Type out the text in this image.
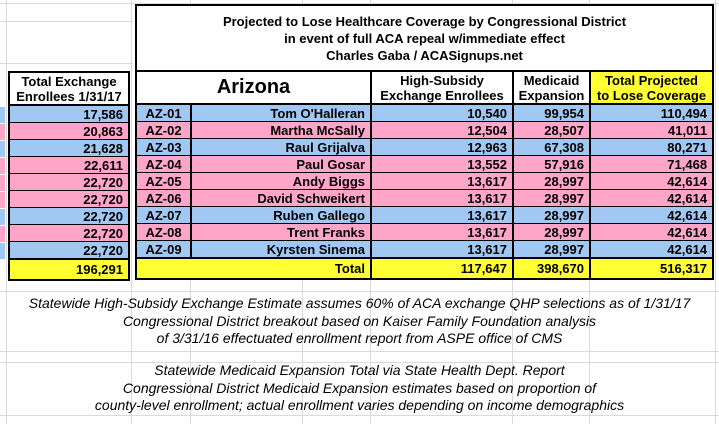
Total Exchange
Enrollees 1/31/17

17,586
20,863
21,628
22,611
22,720
22,720
22,720
22,720
22,720
196,291
Projected to Lose Healthcare Coverage by Congressional District
in event of full ACA repeal w/immediate effect
Charles Gaba / ACASignups.net				

Arizona	High-Subsidy
Exchange Enrollees

Medicaid
Expansion

Total Projected
to Lose Coverage

AZ-01	Tom O'Halleran	10,540	99,954	110,494
AZ-02	Martha McSally	12,504	28,507	41,011
AZ-03	Raul Grijalva	12,963	67,308	80,271
AZ-04	Paul Gosar	13,552	57,916	71,468
AZ-05	Andy Biggs	13,617	28,997	42,614
AZ-06	David Schweikert	13,617	28,997	42,614
AZ-07	Ruben Gallego	13,617	28,997	42,614
AZ-08	Trent Franks	13,617	28,997	42,614
AZ-09	Kyrsten Sinema	13,617	28,997	42,614
Total		117,647	398,670	516,317
Statewide High-Subsidy Exchange Estimate assumes 60% of ACA exchange QHP selections as of 1/31/17
Congressional District breakout based on Kaiser Family Foundation analysis
of 3/31/16 effectuated enrollment report from ASPE office of CMS
Statewide Medicaid Expansion Total via State Health Dept. Report
Congressional District Medicaid Expansion estimates based on proportion of
county-level enrollment; actual enrollment varies depending on income demographics
